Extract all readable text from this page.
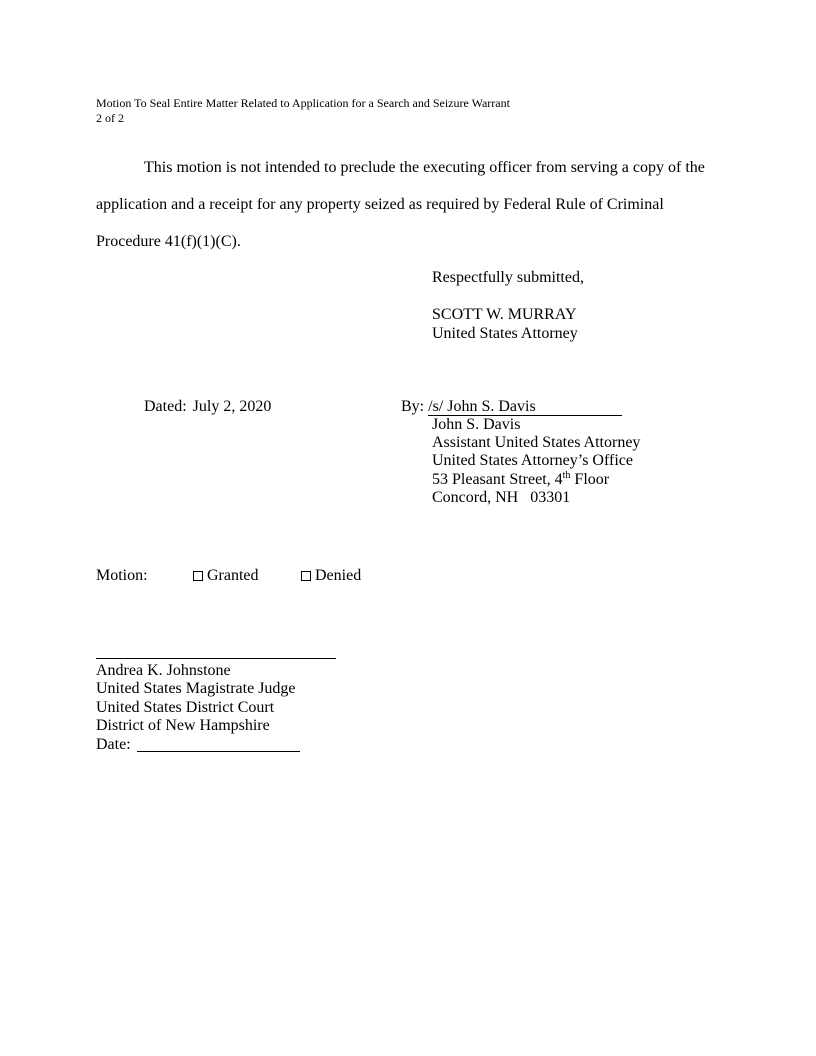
Motion To Seal Entire Matter Related to Application for a Search and Seizure Warrant
2 of 2
This motion is not intended to preclude the executing officer from serving a copy of the
application and a receipt for any property seized as required by Federal Rule of Criminal
Procedure 41(f)(1)(C).
Respectfully submitted,
SCOTT W. MURRAY
United States Attorney
Dated: July 2, 2020	By: /s/ John S. Davis
John S. Davis
Assistant United States Attorney
United States Attorney’s Office
53 Pleasant Street, 4th Floor
Concord, NH   03301
Motion:	Granted	Denied
Andrea K. Johnstone
United States Magistrate Judge
United States District Court
District of New Hampshire
Date:
